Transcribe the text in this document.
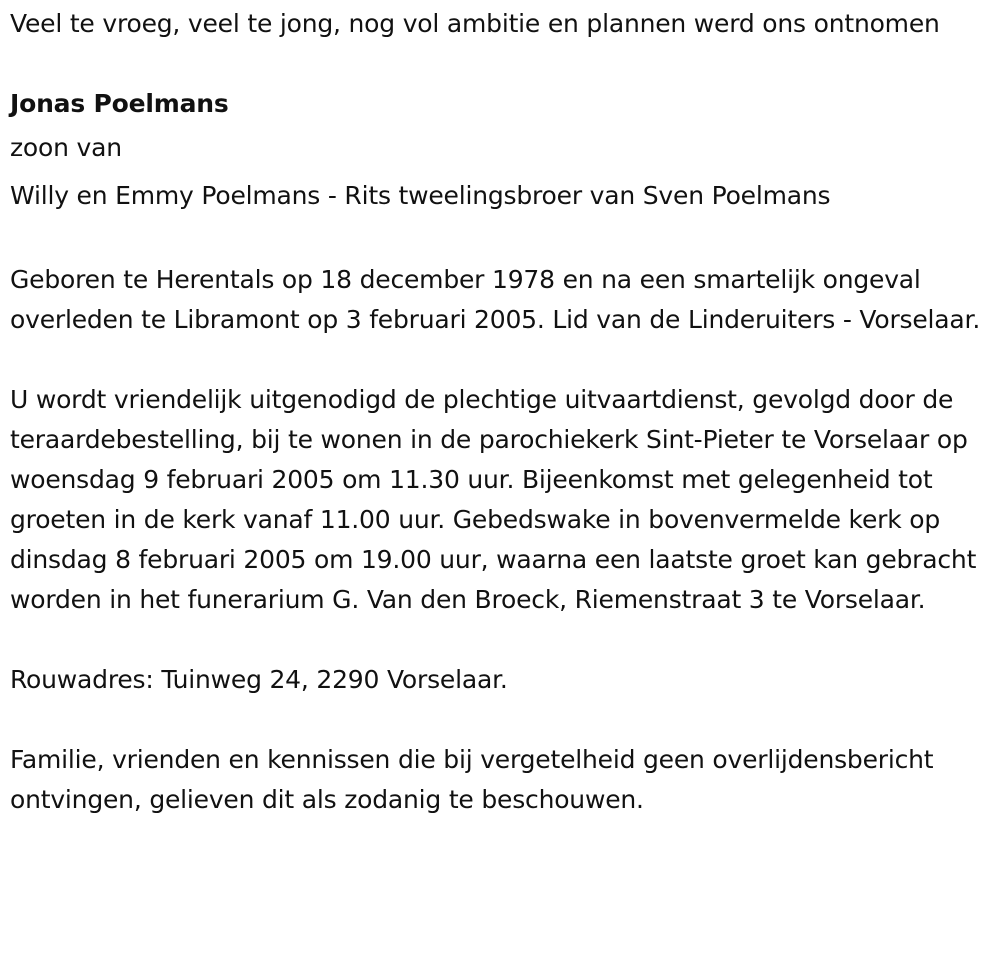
Veel te vroeg, veel te jong, nog vol ambitie en plannen werd ons ontnomen

Jonas Poelmans

zoon van

Willy en Emmy Poelmans - Rits tweelingsbroer van Sven Poelmans

Geboren te Herentals op 18 december 1978 en na een smartelijk ongeval overleden te Libramont op 3 februari 2005. Lid van de Linderuiters - Vorselaar.

U wordt vriendelijk uitgenodigd de plechtige uitvaartdienst, gevolgd door de teraardebestelling, bij te wonen in de parochiekerk Sint-Pieter te Vorselaar op woensdag 9 februari 2005 om 11.30 uur. Bijeenkomst met gelegenheid tot groeten in de kerk vanaf 11.00 uur. Gebedswake in bovenvermelde kerk op dinsdag 8 februari 2005 om 19.00 uur, waarna een laatste groet kan gebracht worden in het funerarium G. Van den Broeck, Riemenstraat 3 te Vorselaar.

Rouwadres: Tuinweg 24, 2290 Vorselaar.

Familie, vrienden en kennissen die bij vergetelheid geen overlijdensbericht ontvingen, gelieven dit als zodanig te beschouwen.
